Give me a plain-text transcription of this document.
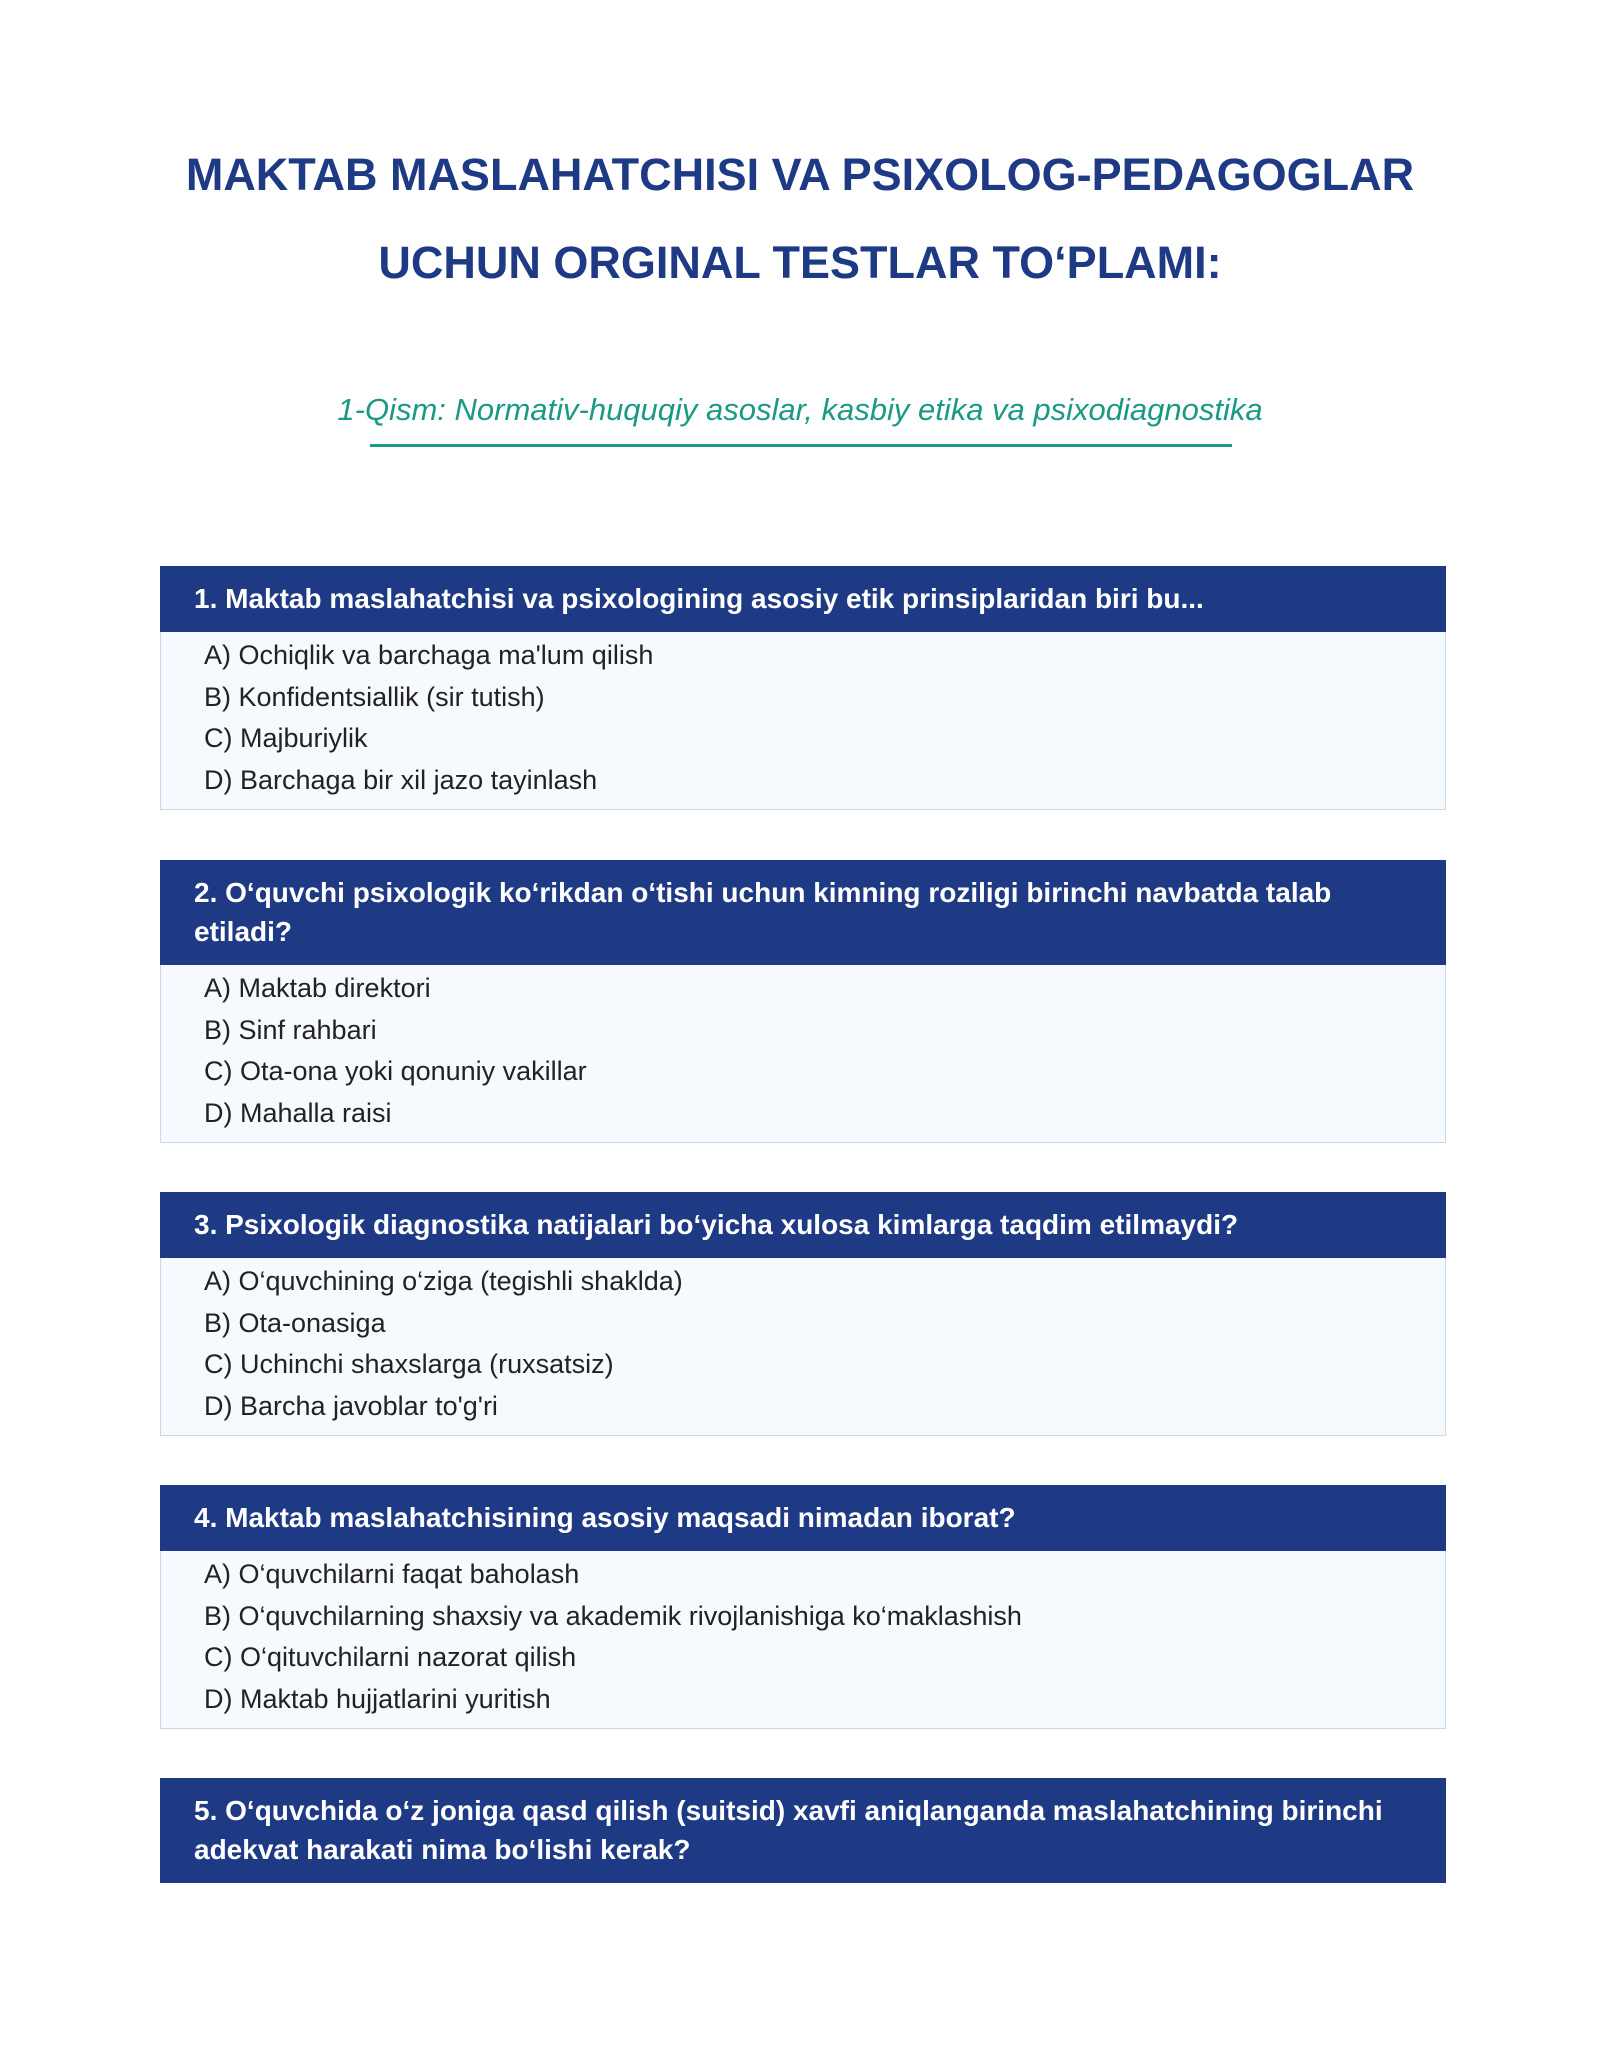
MAKTAB MASLAHATCHISI VA PSIXOLOG-PEDAGOGLAR
UCHUN ORGINAL TESTLAR TO‘PLAMI:
1-Qism: Normativ-huquqiy asoslar, kasbiy etika va psixodiagnostika
1. Maktab maslahatchisi va psixologining asosiy etik prinsiplaridan biri bu...
A) Ochiqlik va barchaga ma'lum qilish
B) Konfidentsiallik (sir tutish)
C) Majburiylik
D) Barchaga bir xil jazo tayinlash
2. O‘quvchi psixologik ko‘rikdan o‘tishi uchun kimning roziligi birinchi navbatda talab etiladi?
A) Maktab direktori
B) Sinf rahbari
C) Ota-ona yoki qonuniy vakillar
D) Mahalla raisi
3. Psixologik diagnostika natijalari bo‘yicha xulosa kimlarga taqdim etilmaydi?
A) O‘quvchining o‘ziga (tegishli shaklda)
B) Ota-onasiga
C) Uchinchi shaxslarga (ruxsatsiz)
D) Barcha javoblar to'g'ri
4. Maktab maslahatchisining asosiy maqsadi nimadan iborat?
A) O‘quvchilarni faqat baholash
B) O‘quvchilarning shaxsiy va akademik rivojlanishiga ko‘maklashish
C) O‘qituvchilarni nazorat qilish
D) Maktab hujjatlarini yuritish
5. O‘quvchida o‘z joniga qasd qilish (suitsid) xavfi aniqlanganda maslahatchining birinchi adekvat harakati nima bo‘lishi kerak?
